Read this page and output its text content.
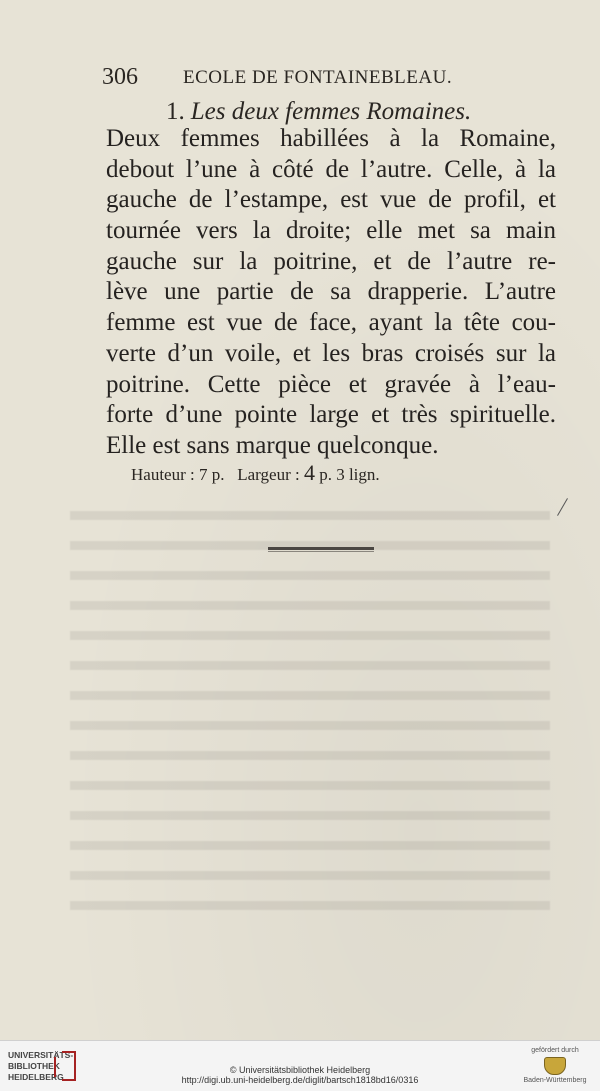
306 ECOLE DE FONTAINEBLEAU.
1. Les deux femmes Romaines.
Deux femmes habillées à la Romaine,
debout l’une à côté de l’autre. Celle, à la
gauche de l’estampe, est vue de profil, et
tournée vers la droite; elle met sa main
gauche sur la poitrine, et de l’autre re-
lève une partie de sa drapperie. L’autre
femme est vue de face, ayant la tête cou-
verte d’un voile, et les bras croisés sur la
poitrine. Cette pièce et gravée à l’eau-
forte d’une pointe large et très spirituelle.
Elle est sans marque quelconque.
Hauteur : 7 p. Largeur : 4 p. 3 lign.
UNIVERSITÄTS-
BIBLIOTHEK
HEIDELBERG
© Universitätsbibliothek Heidelberg
http://digi.ub.uni-heidelberg.de/diglit/bartsch1818bd16/0316
gefördert durch
Baden-Württemberg
